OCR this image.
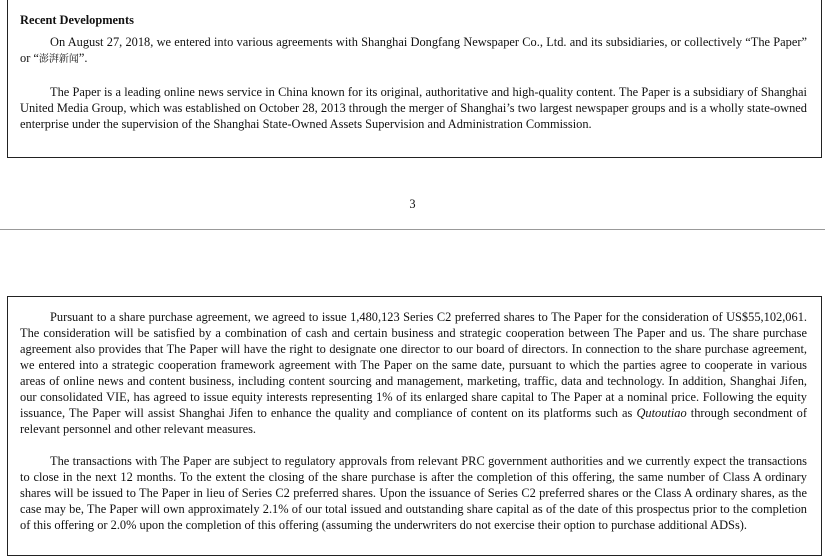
Recent Developments

On August 27, 2018, we entered into various agreements with Shanghai Dongfang Newspaper Co., Ltd. and its subsidiaries, or collectively “The Paper” or “澎湃新闻”.

The Paper is a leading online news service in China known for its original, authoritative and high-quality content. The Paper is a subsidiary of Shanghai United Media Group, which was established on October 28, 2013 through the merger of Shanghai’s two largest newspaper groups and is a wholly state-owned enterprise under the supervision of the Shanghai State-Owned Assets Supervision and Administration Commission.

3

Pursuant to a share purchase agreement, we agreed to issue 1,480,123 Series C2 preferred shares to The Paper for the consideration of US$55,102,061. The consideration will be satisfied by a combination of cash and certain business and strategic cooperation between The Paper and us. The share purchase agreement also provides that The Paper will have the right to designate one director to our board of directors. In connection to the share purchase agreement, we entered into a strategic cooperation framework agreement with The Paper on the same date, pursuant to which the parties agree to cooperate in various areas of online news and content business, including content sourcing and management, marketing, traffic, data and technology. In addition, Shanghai Jifen, our consolidated VIE, has agreed to issue equity interests representing 1% of its enlarged share capital to The Paper at a nominal price. Following the equity issuance, The Paper will assist Shanghai Jifen to enhance the quality and compliance of content on its platforms such as Qutoutiao through secondment of relevant personnel and other relevant measures.

The transactions with The Paper are subject to regulatory approvals from relevant PRC government authorities and we currently expect the transactions to close in the next 12 months. To the extent the closing of the share purchase is after the completion of this offering, the same number of Class A ordinary shares will be issued to The Paper in lieu of Series C2 preferred shares. Upon the issuance of Series C2 preferred shares or the Class A ordinary shares, as the case may be, The Paper will own approximately 2.1% of our total issued and outstanding share capital as of the date of this prospectus prior to the completion of this offering or 2.0% upon the completion of this offering (assuming the underwriters do not exercise their option to purchase additional ADSs).
